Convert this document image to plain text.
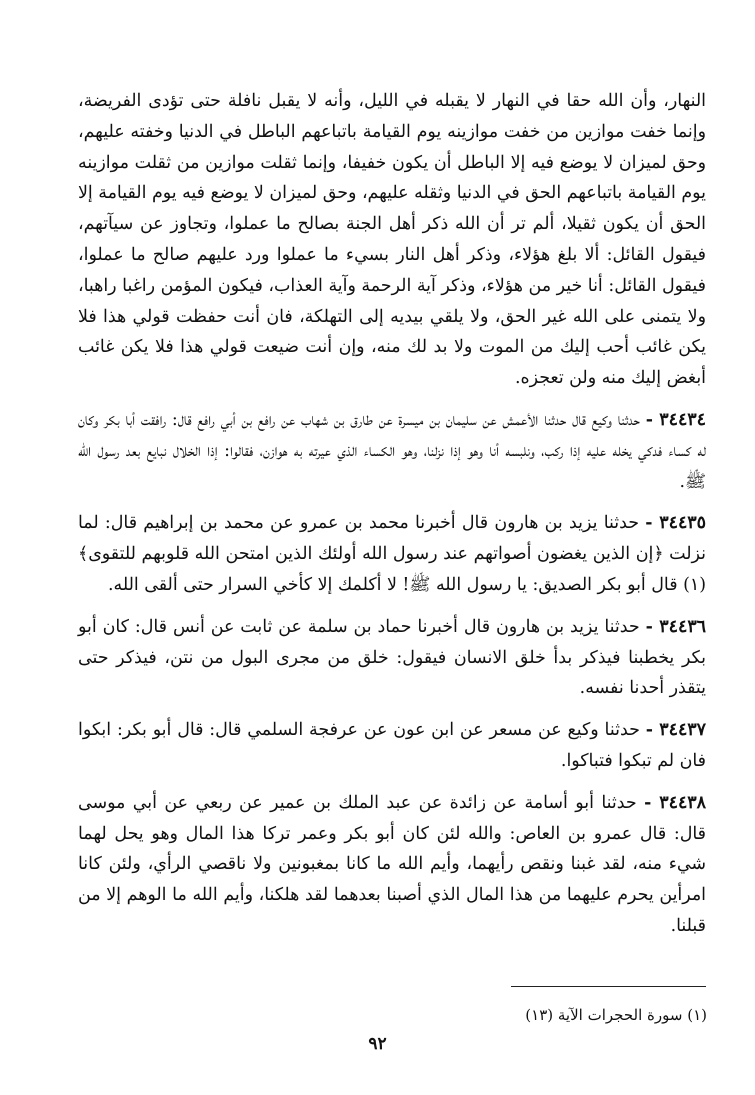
النهار، وأن الله حقا في النهار لا يقبله في الليل، وأنه لا يقبل نافلة حتى تؤدى الفريضة، وإنما خفت موازين من خفت موازينه يوم القيامة باتباعهم الباطل في الدنيا وخفته عليهم، وحق لميزان لا يوضع فيه إلا الباطل أن يكون خفيفا، وإنما ثقلت موازين من ثقلت موازينه يوم القيامة باتباعهم الحق في الدنيا وثقله عليهم، وحق لميزان لا يوضع فيه يوم القيامة إلا الحق أن يكون ثقيلا، ألم تر أن الله ذكر أهل الجنة بصالح ما عملوا، وتجاوز عن سيآتهم، فيقول القائل: ألا بلغ هؤلاء، وذكر أهل النار بسيء ما عملوا ورد عليهم صالح ما عملوا، فيقول القائل: أنا خير من هؤلاء، وذكر آية الرحمة وآية العذاب، فيكون المؤمن راغبا راهبا، ولا يتمنى على الله غير الحق، ولا يلقي بيديه إلى التهلكة، فان أنت حفظت قولي هذا فلا يكن غائب أحب إليك من الموت ولا بد لك منه، وإن أنت ضيعت قولي هذا فلا يكن غائب أبغض إليك منه ولن تعجزه.

٣٤٤٣٤ - حدثنا وكيع قال حدثنا الأعمش عن سليمان بن ميسرة عن طارق بن شهاب عن رافع بن أبي رافع قال: رافقت أبا بكر وكان له كساء فدكي يخله عليه إذا ركب، ونلبسه أنا وهو إذا نزلنا، وهو الكساء الذي عيرته به هوازن، فقالوا: إذا الخلال نبايع بعد رسول الله ﷺ.

٣٤٤٣٥ - حدثنا يزيد بن هارون قال أخبرنا محمد بن عمرو عن محمد بن إبراهيم قال: لما نزلت ﴿إن الذين يغضون أصواتهم عند رسول الله أولئك الذين امتحن الله قلوبهم للتقوى﴾(١) قال أبو بكر الصديق: يا رسول الله ﷺ! لا أكلمك إلا كأخي السرار حتى ألقى الله.

٣٤٤٣٦ - حدثنا يزيد بن هارون قال أخبرنا حماد بن سلمة عن ثابت عن أنس قال: كان أبو بكر يخطبنا فيذكر بدأ خلق الانسان فيقول: خلق من مجرى البول من نتن، فيذكر حتى يتقذر أحدنا نفسه.

٣٤٤٣٧ - حدثنا وكيع عن مسعر عن ابن عون عن عرفجة السلمي قال: قال أبو بكر: ابكوا فان لم تبكوا فتباكوا.

٣٤٤٣٨ - حدثنا أبو أسامة عن زائدة عن عبد الملك بن عمير عن ربعي عن أبي موسى قال: قال عمرو بن العاص: والله لئن كان أبو بكر وعمر تركا هذا المال وهو يحل لهما شيء منه، لقد غبنا ونقص رأيهما، وأيم الله ما كانا بمغبونين ولا ناقصي الرأي، ولئن كانا امرأين يحرم عليهما من هذا المال الذي أصبنا بعدهما لقد هلكنا، وأيم الله ما الوهم إلا من قبلنا.

(١) سورة الحجرات الآية (١٣)

٩٢
